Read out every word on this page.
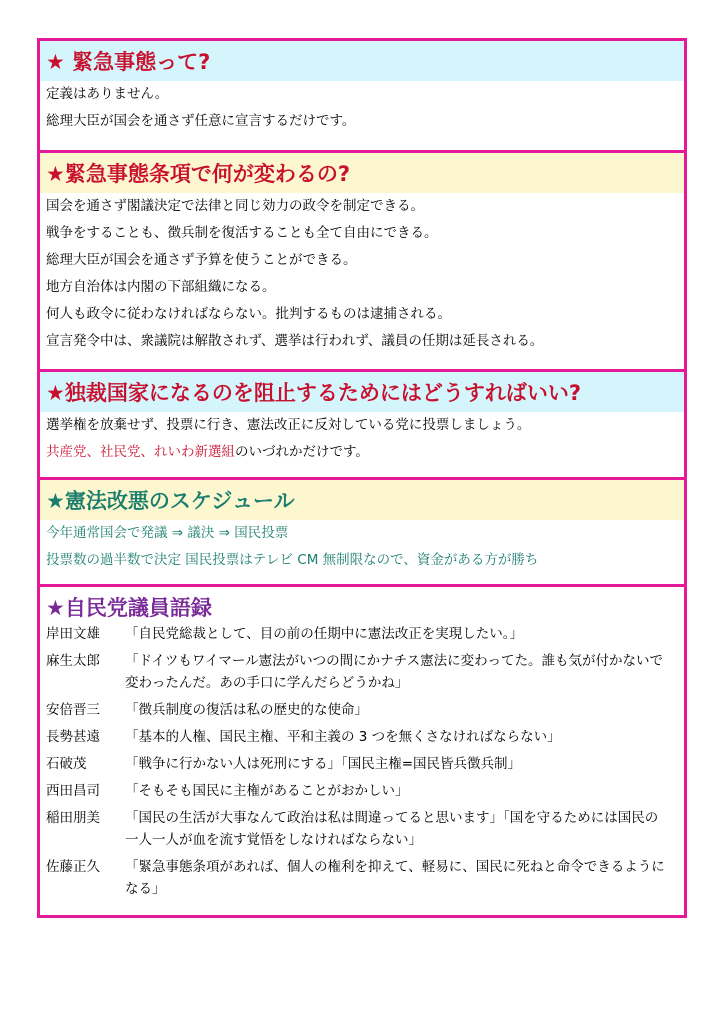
★ 緊急事態って?
定義はありません。
総理大臣が国会を通さず任意に宣言するだけです。
★緊急事態条項で何が変わるの?
国会を通さず閣議決定で法律と同じ効力の政令を制定できる。
戦争をすることも、徴兵制を復活することも全て自由にできる。
総理大臣が国会を通さず予算を使うことができる。
地方自治体は内閣の下部組織になる。
何人も政令に従わなければならない。批判するものは逮捕される。
宣言発令中は、衆議院は解散されず、選挙は行われず、議員の任期は延長される。
★独裁国家になるのを阻止するためにはどうすればいい?
選挙権を放棄せず、投票に行き、憲法改正に反対している党に投票しましょう。
共産党、社民党、れいわ新選組のいづれかだけです。
★憲法改悪のスケジュール
今年通常国会で発議 ⇒ 議決 ⇒ 国民投票
投票数の過半数で決定 国民投票はテレビ CM 無制限なので、資金がある方が勝ち
★自民党議員語録
岸田文雄	「自民党総裁として、目の前の任期中に憲法改正を実現したい。」
麻生太郎	「ドイツもワイマール憲法がいつの間にかナチス憲法に変わってた。誰も気が付かないで変わったんだ。あの手口に学んだらどうかね」
安倍晋三	「徴兵制度の復活は私の歴史的な使命」
長勢甚遠	「基本的人権、国民主権、平和主義の 3 つを無くさなければならない」
石破茂	「戦争に行かない人は死刑にする」「国民主権=国民皆兵徴兵制」
西田昌司	「そもそも国民に主権があることがおかしい」
稲田朋美	「国民の生活が大事なんて政治は私は間違ってると思います」「国を守るためには国民の一人一人が血を流す覚悟をしなければならない」
佐藤正久	「緊急事態条項があれば、個人の権利を抑えて、軽易に、国民に死ねと命令できるようになる」
